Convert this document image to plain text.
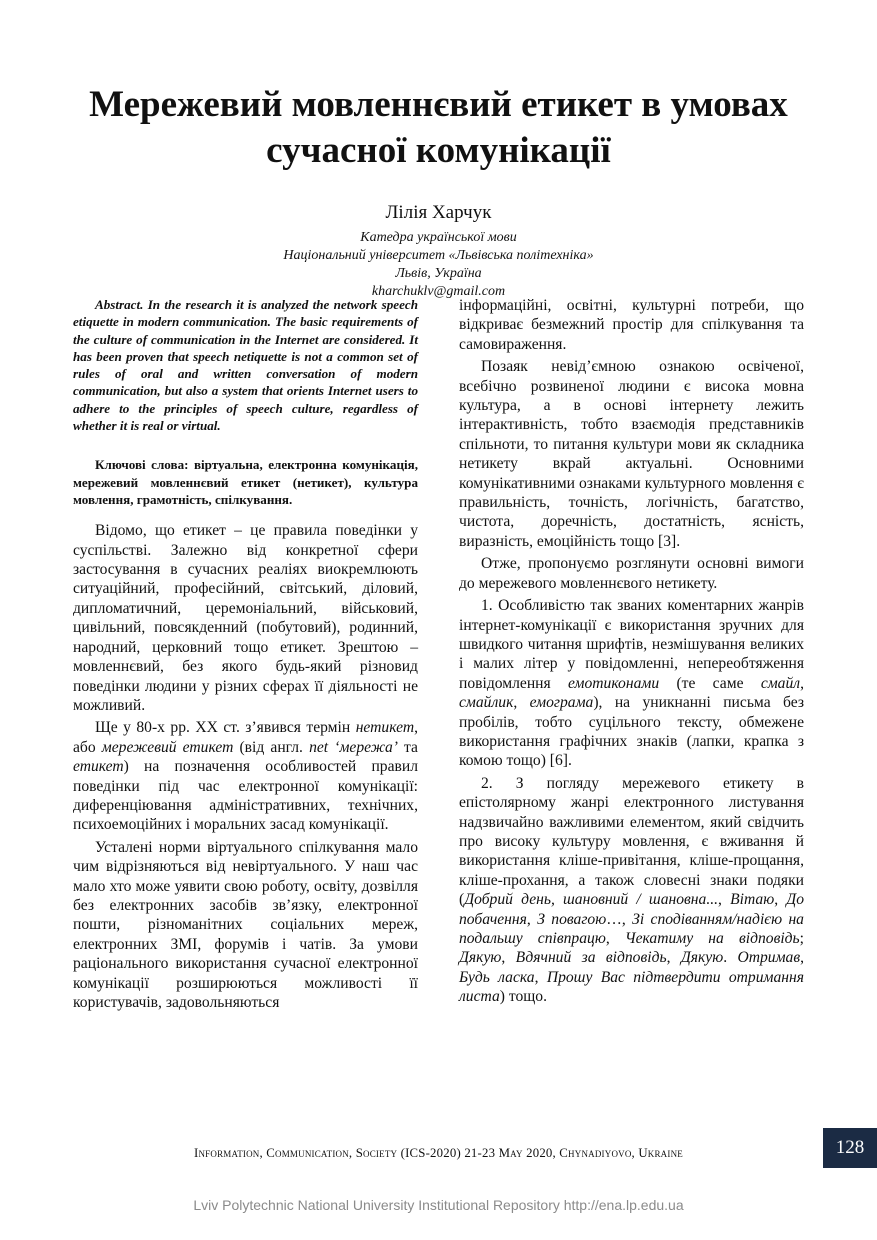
Мережевий мовленнєвий етикет в умовах сучасної комунікації
Лілія Харчук
Катедра української мови
Національний університет «Львівська політехніка»
Львів, Україна
kharchuklv@gmail.com

Abstract. In the research it is analyzed the network speech etiquette in modern communication. The basic requirements of the culture of communication in the Internet are considered. It has been proven that speech netiquette is not a common set of rules of oral and written conversation of modern communication, but also a system that orients Internet users to adhere to the principles of speech culture, regardless of whether it is real or virtual.

Ключові слова: віртуальна, електронна комунікація, мережевий мовленнєвий етикет (нетикет), культура мовлення, грамотність, спілкування.

Відомо, що етикет – це правила поведінки у суспільстві. Залежно від конкретної сфери застосування в сучасних реаліях виокремлюють ситуаційний, професійний, світський, діловий, дипломатичний, церемоніальний, військовий, цивільний, повсякденний (побутовий), родинний, народний, церковний тощо етикет. Зрештою – мовленнєвий, без якого будь-який різновид поведінки людини у різних сферах її діяльності не можливий.

Ще у 80-х рр. ХХ ст. з’явився термін нетикет, або мережевий етикет (від англ. net ‘мережа’ та етикет) на позначення особливостей правил поведінки під час електронної комунікації: диференціювання адміністративних, технічних, психоемоційних і моральних засад комунікації.

Усталені норми віртуального спілкування мало чим відрізняються від невіртуального. У наш час мало хто може уявити свою роботу, освіту, дозвілля без електронних засобів зв’язку, електронної пошти, різноманітних соціальних мереж, електронних ЗМІ, форумів і чатів. За умови раціонального використання сучасної електронної комунікації розширюються можливості її користувачів, задовольняються

інформаційні, освітні, культурні потреби, що відкриває безмежний простір для спілкування та самовираження.

Позаяк невід’ємною ознакою освіченої, всебічно розвиненої людини є висока мовна культура, а в основі інтернету лежить інтерактивність, тобто взаємодія представників спільноти, то питання культури мови як складника нетикету вкрай актуальні. Основними комунікативними ознаками культурного мовлення є правильність, точність, логічність, багатство, чистота, доречність, достатність, ясність, виразність, емоційність тощо [3].

Отже, пропонуємо розглянути основні вимоги до мережевого мовленнєвого нетикету.

1. Особливістю так званих коментарних жанрів інтернет-комунікації є використання зручних для швидкого читання шрифтів, незмішування великих і малих літер у повідомленні, непереобтяження повідомлення емотиконами (те саме смайл, смайлик, емограма), на уникнанні письма без пробілів, тобто суцільного тексту, обмежене використання графічних знаків (лапки, крапка з комою тощо) [6].

2. З погляду мережевого етикету в епістолярному жанрі електронного листування надзвичайно важливими елементом, який свідчить про високу культуру мовлення, є вживання й використання кліше-привітання, кліше-прощання, кліше-прохання, а також словесні знаки подяки (Добрий день, шановний / шановна..., Вітаю, До побачення, З повагою…, Зі сподіванням/надією на подальшу співпрацю, Чекатиму на відповідь; Дякую, Вдячний за відповідь, Дякую. Отримав, Будь ласка, Прошу Вас підтвердити отримання листа) тощо.

Information, Communication, Society (ICS-2020) 21-23 May 2020, Chynadiyovo, Ukraine	128
Lviv Polytechnic National University Institutional Repository http://ena.lp.edu.ua
